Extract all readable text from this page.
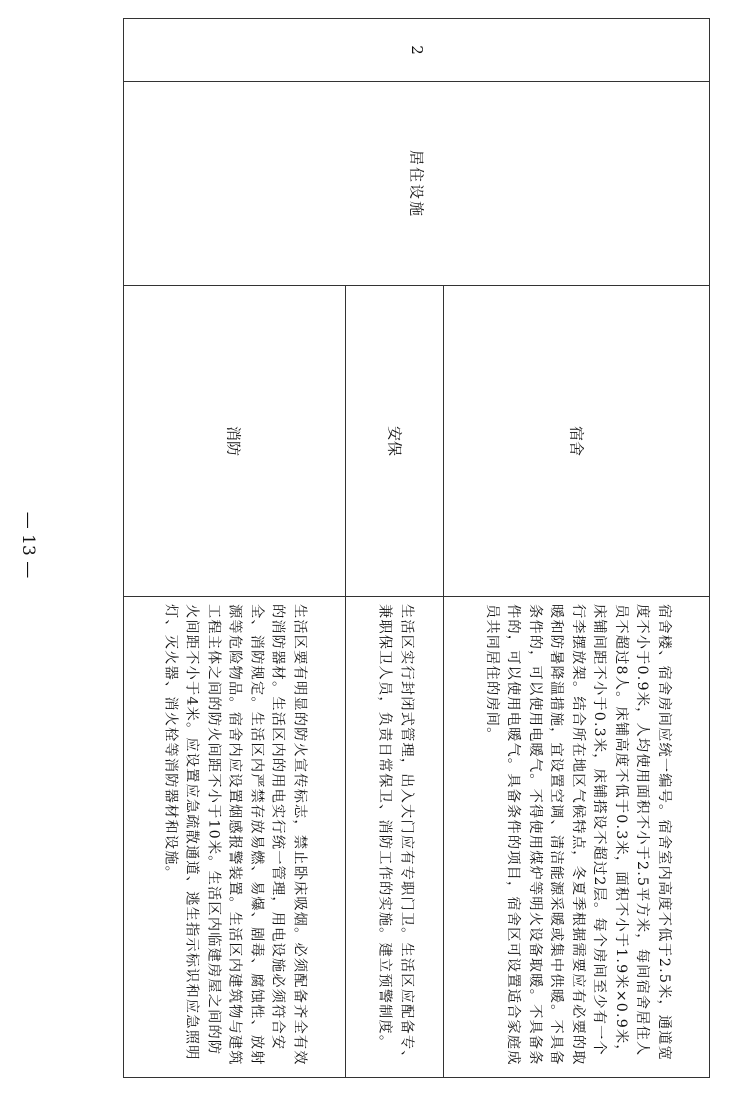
— 13 —
2
居住设施
宿舍
安保
消防
宿舍楼、宿舍房间应统一编号。宿舍室内高度不低于2.5米，通道宽度不小于0.9米，人均使用面积不小于2.5平方米，每间宿舍居住人员不超过8人。床铺高度不低于0.3米，面积不小于1.9米×0.9米，床铺间距不小于0.3米，床铺搭设不超过2层。每个房间至少有一个行李摆放架。结合所在地区气候特点，冬夏季根据需要应有必要的取暖和防暑降温措施，宜设置空调、清洁能源采暖或集中供暖。不具备条件的，可以使用电暖气。不得使用煤炉等明火设备取暖。不具备条件的，可以使用电暖气。具备条件的项目，宿舍区可设置适合家庭成员共同居住的房间。
生活区实行封闭式管理，出入大门应有专职门卫。生活区应配备专、兼职保卫人员，负责日常保卫、消防工作的实施。建立预警制度。
生活区要有明显的防火宣传标志，禁止卧床吸烟。必须配备齐全有效的消防器材。生活区内的用电实行统一管理，用电设施必须符合安全、消防规定。生活区内严禁存放易燃、易爆、剧毒、腐蚀性、放射源等危险物品。宿舍内应设置烟感报警装置。生活区内建筑物与建筑工程主体之间的防火间距不小于10米。生活区内临建房屋之间的防火间距不小于4米。应设置应急疏散通道、逃生指示标识和应急照明灯、灭火器、消火栓等消防器材和设施。
